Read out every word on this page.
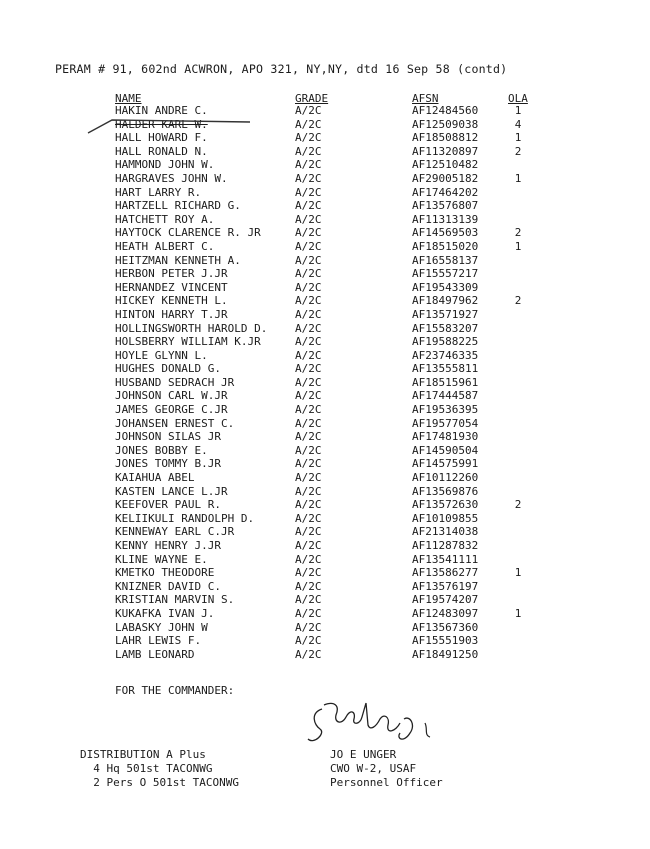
PERAM # 91, 602nd ACWRON, APO 321, NY,NY, dtd 16 Sep 58 (contd)
NAME	GRADE	AFSN	OLA
HAKIN ANDRE C.	A/2C	AF12484560	1
HALDER KARL W.	A/2C	AF12509038	4
HALL HOWARD F.	A/2C	AF18508812	1
HALL RONALD N.	A/2C	AF11320897	2
HAMMOND JOHN W.	A/2C	AF12510482
HARGRAVES JOHN W.	A/2C	AF29005182	1
HART LARRY R.	A/2C	AF17464202
HARTZELL RICHARD G.	A/2C	AF13576807
HATCHETT ROY A.	A/2C	AF11313139
HAYTOCK CLARENCE R. JR	A/2C	AF14569503	2
HEATH ALBERT C.	A/2C	AF18515020	1
HEITZMAN KENNETH A.	A/2C	AF16558137
HERBON PETER J.JR	A/2C	AF15557217
HERNANDEZ VINCENT	A/2C	AF19543309
HICKEY KENNETH L.	A/2C	AF18497962	2
HINTON HARRY T.JR	A/2C	AF13571927
HOLLINGSWORTH HAROLD D.	A/2C	AF15583207
HOLSBERRY WILLIAM K.JR	A/2C	AF19588225
HOYLE GLYNN L.	A/2C	AF23746335
HUGHES DONALD G.	A/2C	AF13555811
HUSBAND SEDRACH JR	A/2C	AF18515961
JOHNSON CARL W.JR	A/2C	AF17444587
JAMES GEORGE C.JR	A/2C	AF19536395
JOHANSEN ERNEST C.	A/2C	AF19577054
JOHNSON SILAS JR	A/2C	AF17481930
JONES BOBBY E.	A/2C	AF14590504
JONES TOMMY B.JR	A/2C	AF14575991
KAIAHUA ABEL	A/2C	AF10112260
KASTEN LANCE L.JR	A/2C	AF13569876
KEEFOVER PAUL R.	A/2C	AF13572630	2
KELIIKULI RANDOLPH D.	A/2C	AF10109855
KENNEWAY EARL C.JR	A/2C	AF21314038
KENNY HENRY J.JR	A/2C	AF11287832
KLINE WAYNE E.	A/2C	AF13541111
KMETKO THEODORE	A/2C	AF13586277	1
KNIZNER DAVID C.	A/2C	AF13576197
KRISTIAN MARVIN S.	A/2C	AF19574207
KUKAFKA IVAN J.	A/2C	AF12483097	1
LABASKY JOHN W	A/2C	AF13567360
LAHR LEWIS F.	A/2C	AF15551903
LAMB LEONARD	A/2C	AF18491250
FOR THE COMMANDER:
DISTRIBUTION A Plus
4 Hq 501st TACONWG
2 Pers O 501st TACONWG
JO E UNGER
CWO W-2, USAF
Personnel Officer
